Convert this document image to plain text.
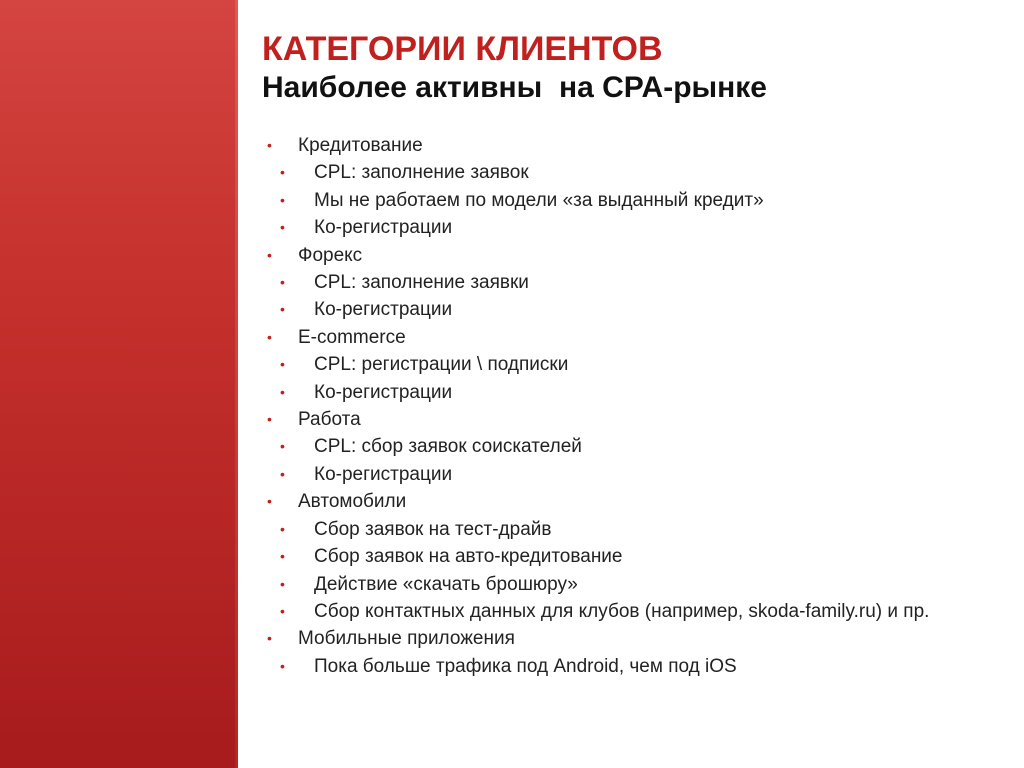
КАТЕГОРИИ КЛИЕНТОВ
Наиболее активны  на CPA-рынке
• Кредитование
• CPL: заполнение заявок
• Мы не работаем по модели «за выданный кредит»
• Ко-регистрации
• Форекс
• CPL: заполнение заявки
• Ко-регистрации
• E-commerce
• CPL: регистрации \ подписки
• Ко-регистрации
• Работа
• CPL: сбор заявок соискателей
• Ко-регистрации
• Автомобили
• Сбор заявок на тест-драйв
• Сбор заявок на авто-кредитование
• Действие «скачать брошюру»
• Сбор контактных данных для клубов (например, skoda-family.ru) и пр.
• Мобильные приложения
• Пока больше трафика под Android, чем под iOS
